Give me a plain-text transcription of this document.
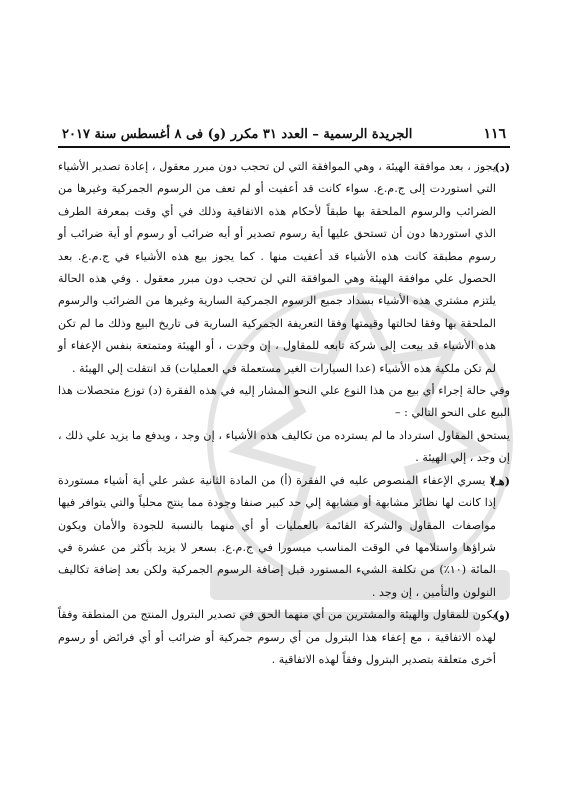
١١٦
الجريدة الرسمية – العدد ٣١ مكرر (و) فى ٨ أغسطس سنة ٢٠١٧

(د)
يجوز ، بعد موافقة الهيئة ، وهي الموافقة التي لن تحجب دون مبرر معقول ، إعادة تصدير الأشياء التي استوردت إلى ج.م.ع. سواء كانت قد أعفيت أو لم تعف من الرسوم الجمركية وغيرها من الضرائب والرسوم الملحقة بها طبقاً لأحكام هذه الاتفاقية وذلك في أي وقت بمعرفة الطرف الذي استوردها دون أن تستحق عليها أية رسوم تصدير أو أيه ضرائب أو رسوم أو أية ضرائب أو رسوم مطبقة كانت هذه الأشياء قد أعفيت منها . كما يجوز بيع هذه الأشياء في ج.م.ع. بعد الحصول علي موافقة الهيئة وهي الموافقة التي لن تحجب دون مبرر معقول . وفي هذه الحالة يلتزم مشتري هذه الأشياء بسداد جميع الرسوم الجمركية السارية وغيرها من الضرائب والرسوم الملحقة بها وفقا لحالتها وقيمتها وفقا التعريفة الجمركية السارية فى تاريخ البيع وذلك ما لم تكن هذه الأشياء قد بيعت إلى شركة تابعه للمقاول ، إن وجدت ، أو الهيئة ومتمتعة بنفس الإعفاء أو لم تكن ملكية هذه الأشياء (عدا السيارات الغير مستعملة في العمليات) قد انتقلت إلي الهيئة .

وفي حالة إجراء أي بيع من هذا النوع علي النحو المشار إليه في هذه الفقرة (د) توزع متحصلات هذا البيع على النحو التالي : –

يستحق المقاول استرداد ما لم يسترده من تكاليف هذه الأشياء ، إن وجد ، ويدفع ما يزيد علي ذلك ، إن وجد ، إلي الهيئة .

(هـ)
لا يسري الإعفاء المنصوص عليه في الفقرة (أ) من المادة الثانية عشر علي أية أشياء مستوردة إذا كانت لها نظائر مشابهة أو مشابهة إلي حد كبير صنفا وجودة مما ينتج محلياً والتي يتوافر فيها مواصفات المقاول والشركة القائمة بالعمليات أو أي منهما بالنسبة للجودة والأمان ويكون شراؤها واستلامها في الوقت المناسب ميسورا في ج.م.ع. بسعر لا يزيد بأكثر من عشرة في المائة (١٠٪) من تكلفة الشيء المستورد قبل إضافة الرسوم الجمركية ولكن بعد إضافة تكاليف النولون والتأمين ، إن وجد .

(و)
يكون للمقاول والهيئة والمشترين من أي منهما الحق في تصدير البترول المنتج من المنطقة وفقاً لهذه الاتفاقية ، مع إعفاء هذا البترول من أي رسوم جمركية أو ضرائب أو أي فرائض أو رسوم أخرى متعلقة بتصدير البترول وفقاً لهذه الاتفاقية .
